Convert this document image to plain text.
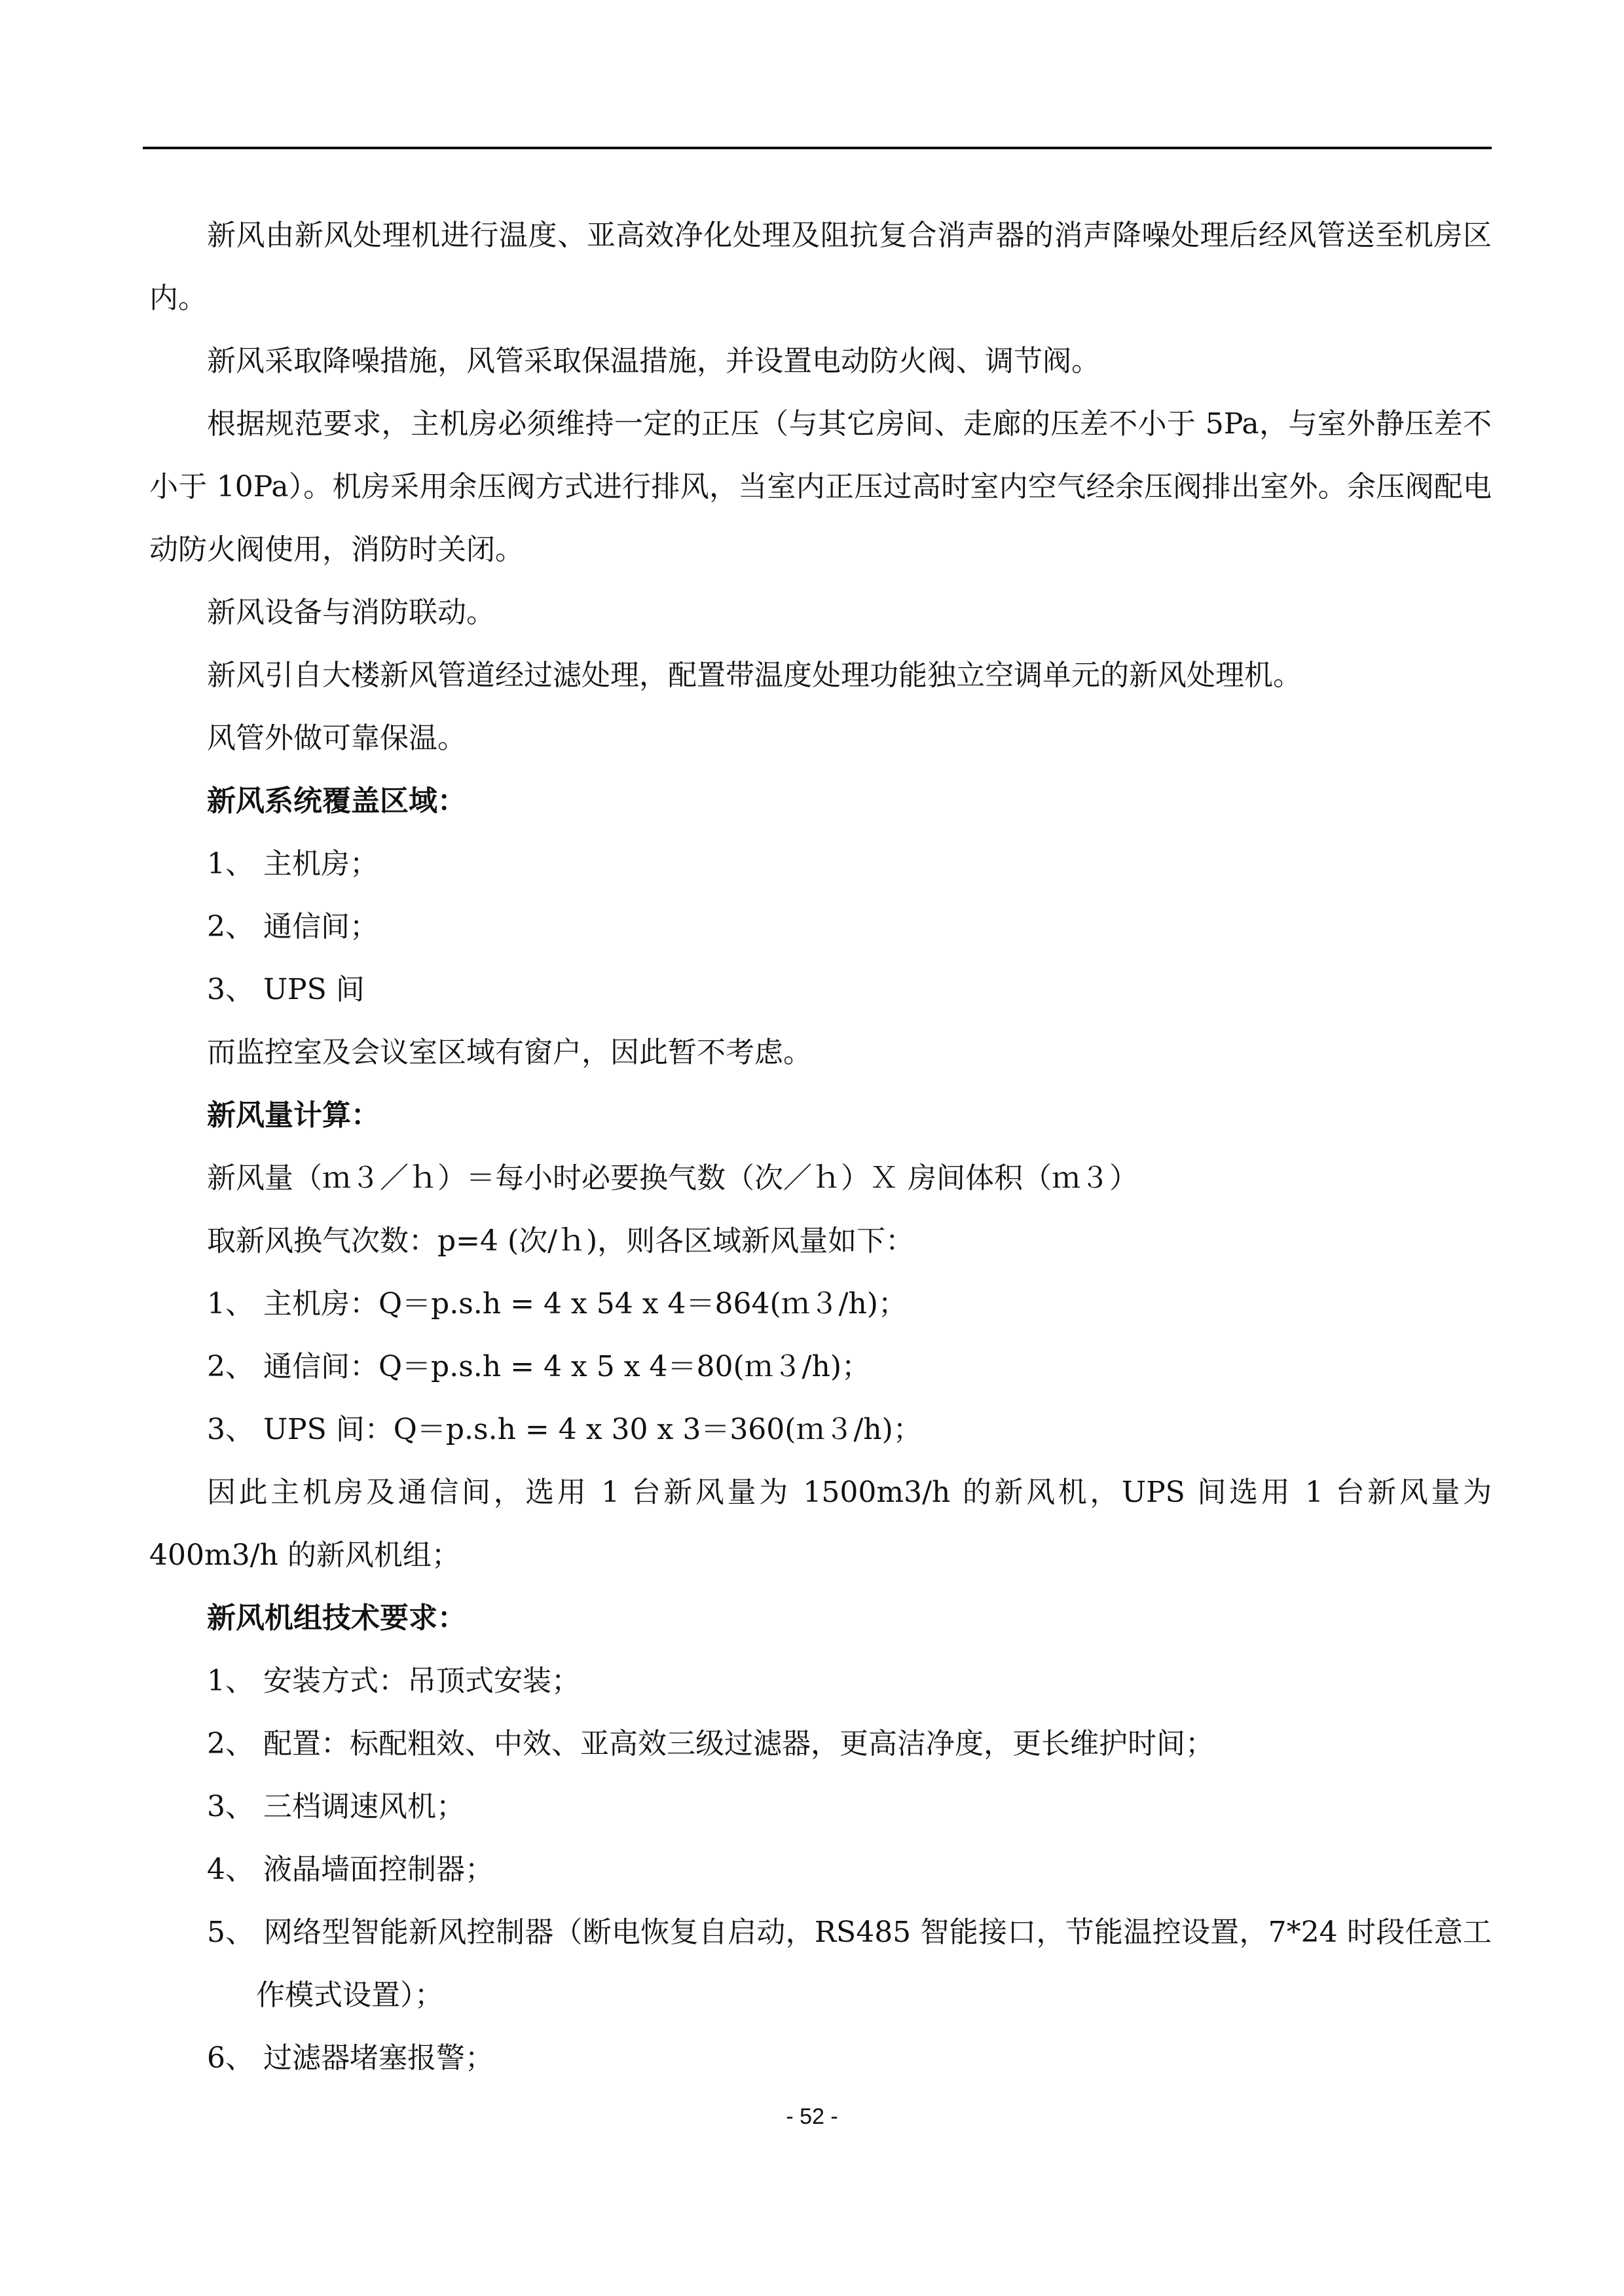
新风由新风处理机进行温度、亚高效净化处理及阻抗复合消声器的消声降噪处理后经风管送至机房区内。

新风采取降噪措施，风管采取保温措施，并设置电动防火阀、调节阀。

根据规范要求，主机房必须维持一定的正压（与其它房间、走廊的压差不小于 5Pa，与室外静压差不小于 10Pa）。机房采用余压阀方式进行排风，当室内正压过高时室内空气经余压阀排出室外。余压阀配电动防火阀使用，消防时关闭。

新风设备与消防联动。

新风引自大楼新风管道经过滤处理，配置带温度处理功能独立空调单元的新风处理机。

风管外做可靠保温。

新风系统覆盖区域：

1、 主机房；

2、 通信间；

3、 UPS 间

而监控室及会议室区域有窗户，因此暂不考虑。

新风量计算：

新风量（ｍ３／ｈ）＝每小时必要换气数（次／ｈ）Ｘ 房间体积（ｍ３）

取新风换气次数：p=4 (次/ｈ)，则各区域新风量如下：

1、 主机房：Q＝p.s.h = 4 x 54 x 4＝864(ｍ３/h)；

2、 通信间：Q＝p.s.h = 4 x 5 x 4＝80(ｍ３/h)；

3、 UPS 间：Q＝p.s.h = 4 x 30 x 3＝360(ｍ３/h)；

因此主机房及通信间，选用 1 台新风量为 1500m3/h 的新风机，UPS 间选用 1 台新风量为 400m3/h 的新风机组；

新风机组技术要求：

1、 安装方式：吊顶式安装；

2、 配置：标配粗效、中效、亚高效三级过滤器，更高洁净度，更长维护时间；

3、 三档调速风机；

4、 液晶墙面控制器；

5、 网络型智能新风控制器（断电恢复自启动，RS485 智能接口，节能温控设置，7*24 时段任意工作模式设置）；

6、 过滤器堵塞报警；

- 52 -
